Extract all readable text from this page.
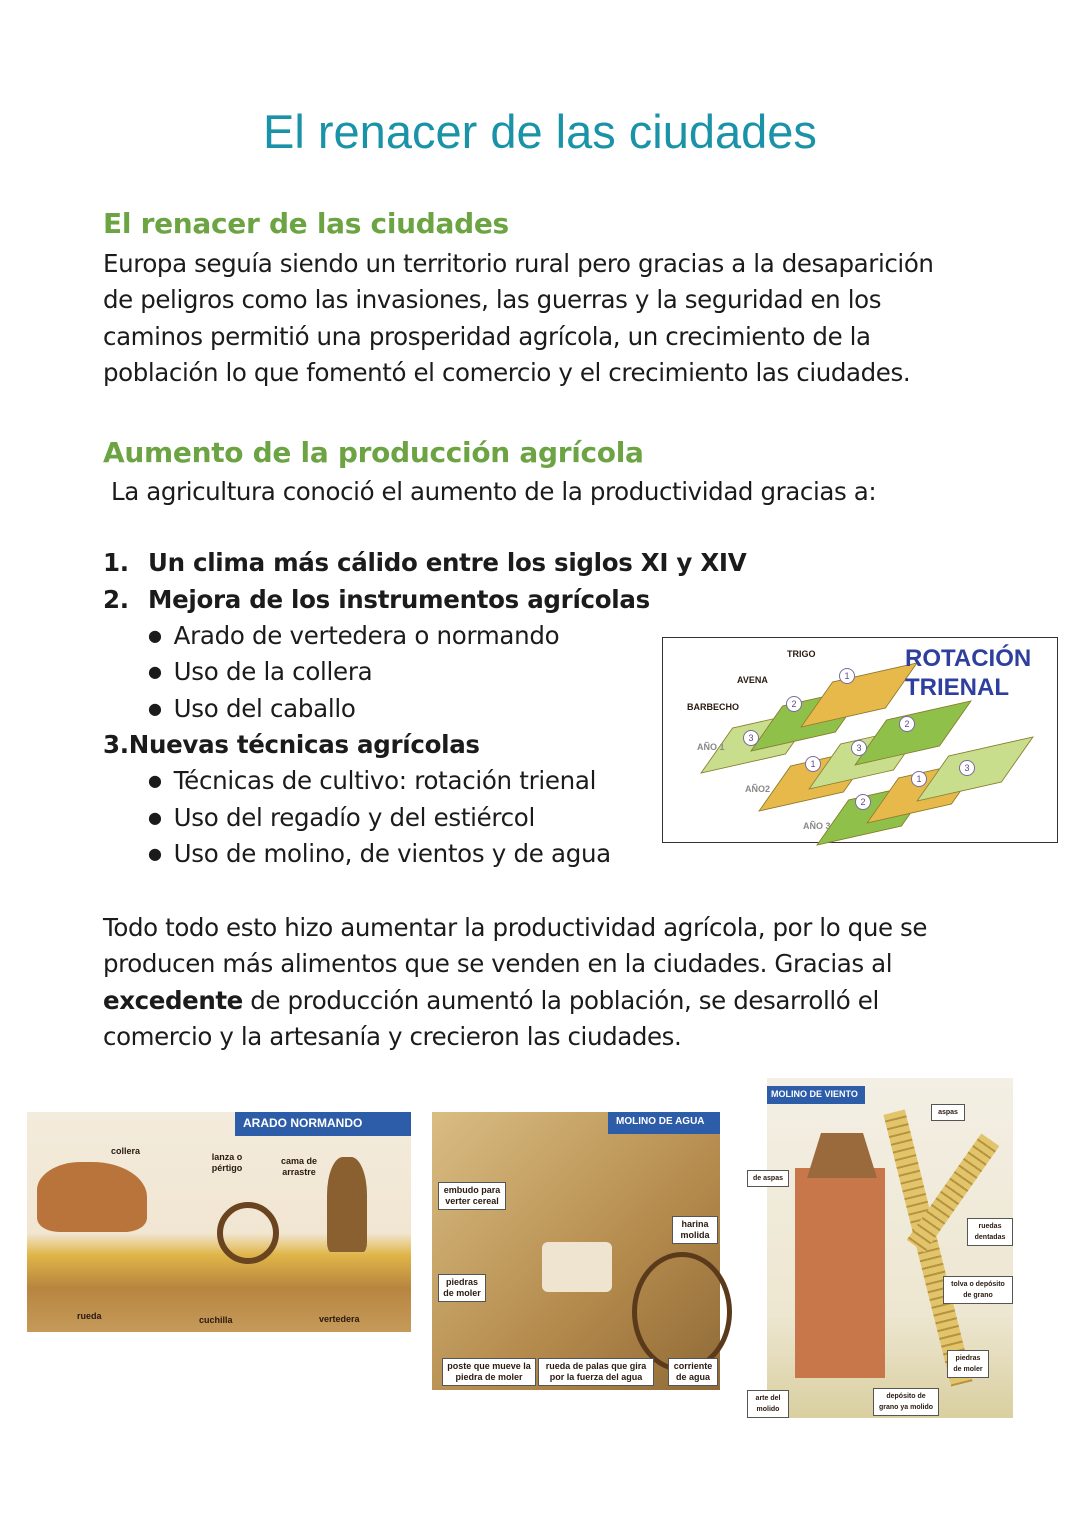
El renacer de las ciudades
El renacer de las ciudades
Europa seguía siendo un territorio rural pero gracias a la desaparición
de peligros como las invasiones, las guerras y la seguridad en los
caminos permitió una prosperidad agrícola, un crecimiento de la
población lo que fomentó el comercio y el crecimiento las ciudades.
Aumento de la producción agrícola
La agricultura conoció el aumento de la productividad gracias a:
1. Un clima más cálido entre los siglos XI y XIV
2. Mejora de los instrumentos agrícolas
● Arado de vertedera o normando
● Uso de la collera
● Uso del caballo
3.Nuevas técnicas agrícolas
● Técnicas de cultivo: rotación trienal
● Uso del regadío y del estiércol
● Uso de molino, de vientos y de agua
ROTACIÓN
TRIENAL
TRIGO
AVENA
BARBECHO
AÑO 1
AÑO2
AÑO 3
3
2
1
1
3
2
2
1
3
Todo todo esto hizo aumentar la productividad agrícola, por lo que se
producen más alimentos que se venden en la ciudades. Gracias al
excedente de producción aumentó la población, se desarrolló el
comercio y la artesanía y crecieron las ciudades.
ARADO NORMANDO
collera
lanza o pértigo
cama de arrastre
rueda	cuchilla	vertedera
MOLINO DE AGUA
embudo para verter cereal
harina molida
piedras de moler
poste que mueve la piedra de moler
rueda de palas que gira por la fuerza del agua
corriente de agua
MOLINO DE VIENTO
aspas
ruedas dentadas
tolva o depósito de grano
piedras de moler
depósito de grano ya molido
de aspas
arte del molido
